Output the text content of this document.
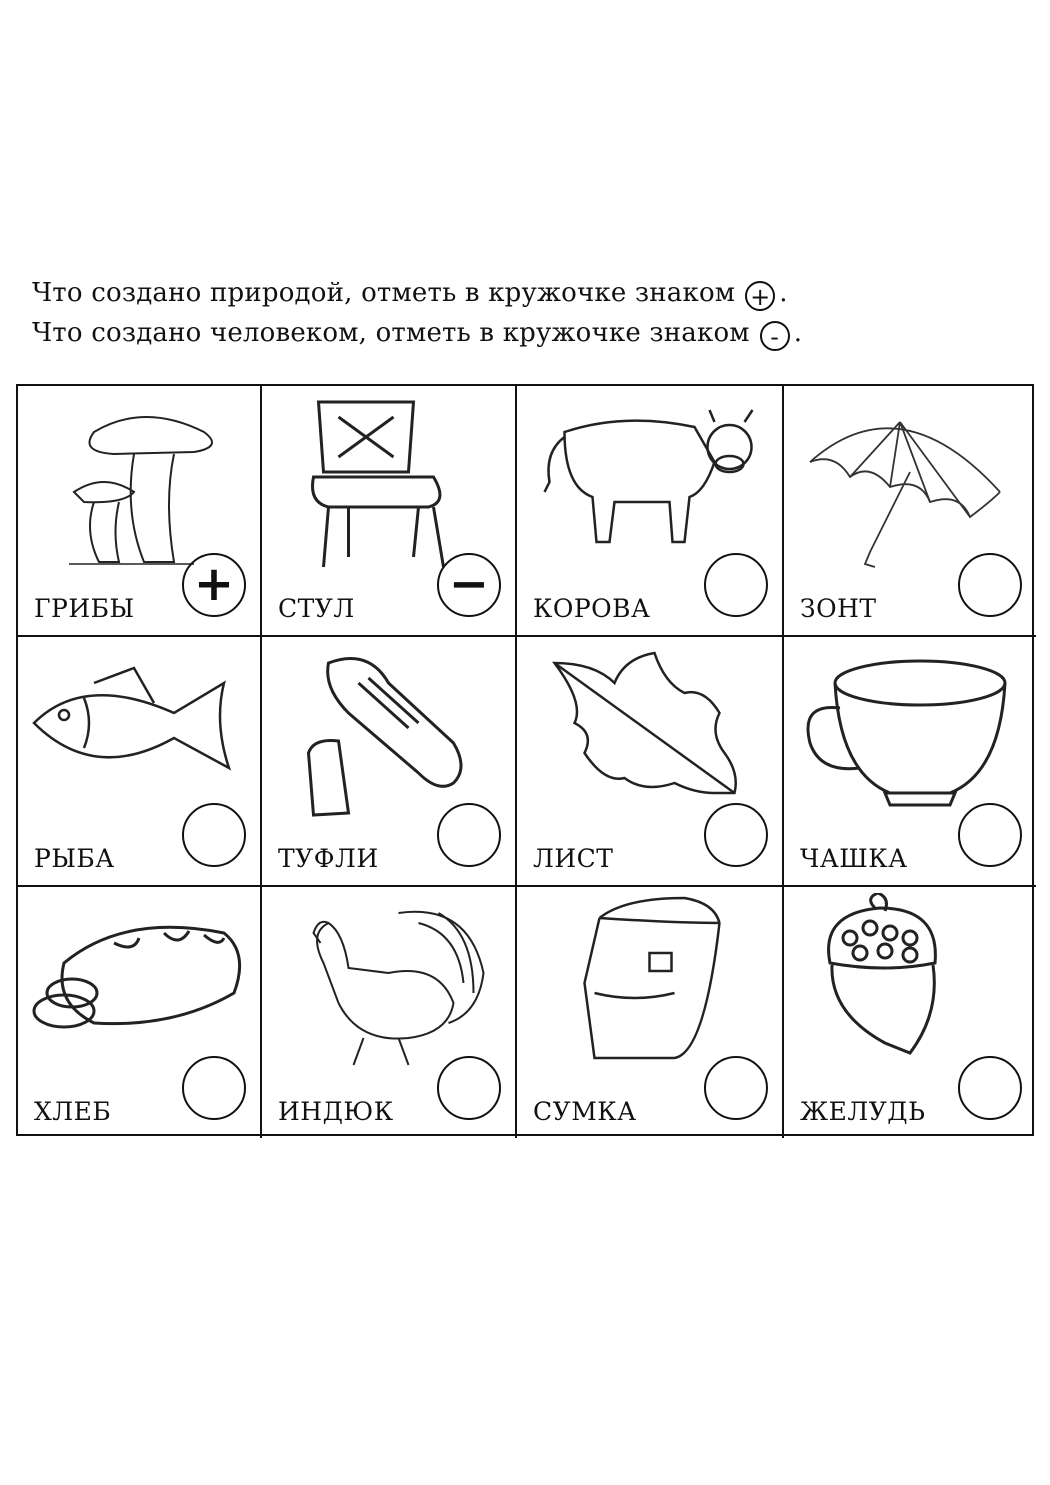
Что создано природой, отметь в кружочке знаком + .
Что создано человеком, отметь в кружочке знаком - .
ГРИБЫ +	СТУЛ −	КОРОВА	ЗОНТ
РЫБА	ТУФЛИ	ЛИСТ	ЧАШКА
ХЛЕБ	ИНДЮК	СУМКА	ЖЕЛУДЬ
